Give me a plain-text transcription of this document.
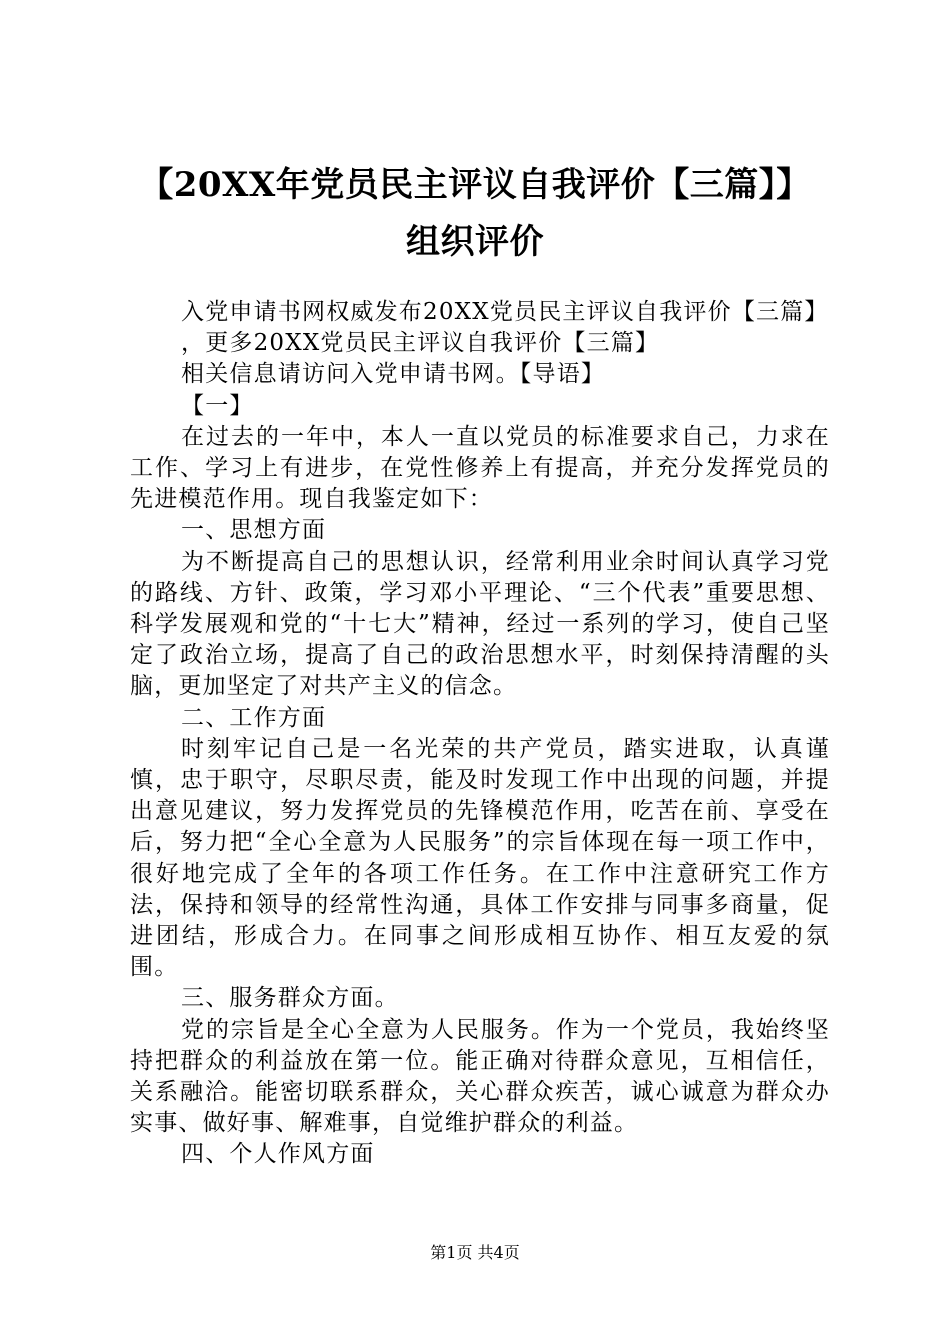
【20XX年党员民主评议自我评价【三篇】】
组织评价

入党申请书网权威发布20XX党员民主评议自我评价【三篇】

，更多20XX党员民主评议自我评价【三篇】

相关信息请访问入党申请书网。【导语】

【一】

在过去的一年中，本人一直以党员的标准要求自己，力求在工作、学习上有进步，在党性修养上有提高，并充分发挥党员的先进模范作用。现自我鉴定如下：

一、思想方面

为不断提高自己的思想认识，经常利用业余时间认真学习党的路线、方针、政策，学习邓小平理论、“三个代表”重要思想、科学发展观和党的“十七大”精神，经过一系列的学习，使自己坚定了政治立场，提高了自己的政治思想水平，时刻保持清醒的头脑，更加坚定了对共产主义的信念。

二、工作方面

时刻牢记自己是一名光荣的共产党员，踏实进取，认真谨慎，忠于职守，尽职尽责，能及时发现工作中出现的问题，并提出意见建议，努力发挥党员的先锋模范作用，吃苦在前、享受在后，努力把“全心全意为人民服务”的宗旨体现在每一项工作中，很好地完成了全年的各项工作任务。在工作中注意研究工作方法，保持和领导的经常性沟通，具体工作安排与同事多商量，促进团结，形成合力。在同事之间形成相互协作、相互友爱的氛围。

三、服务群众方面。

党的宗旨是全心全意为人民服务。作为一个党员，我始终坚持把群众的利益放在第一位。能正确对待群众意见，互相信任，关系融洽。能密切联系群众，关心群众疾苦，诚心诚意为群众办实事、做好事、解难事，自觉维护群众的利益。

四、个人作风方面

第1页 共4页
